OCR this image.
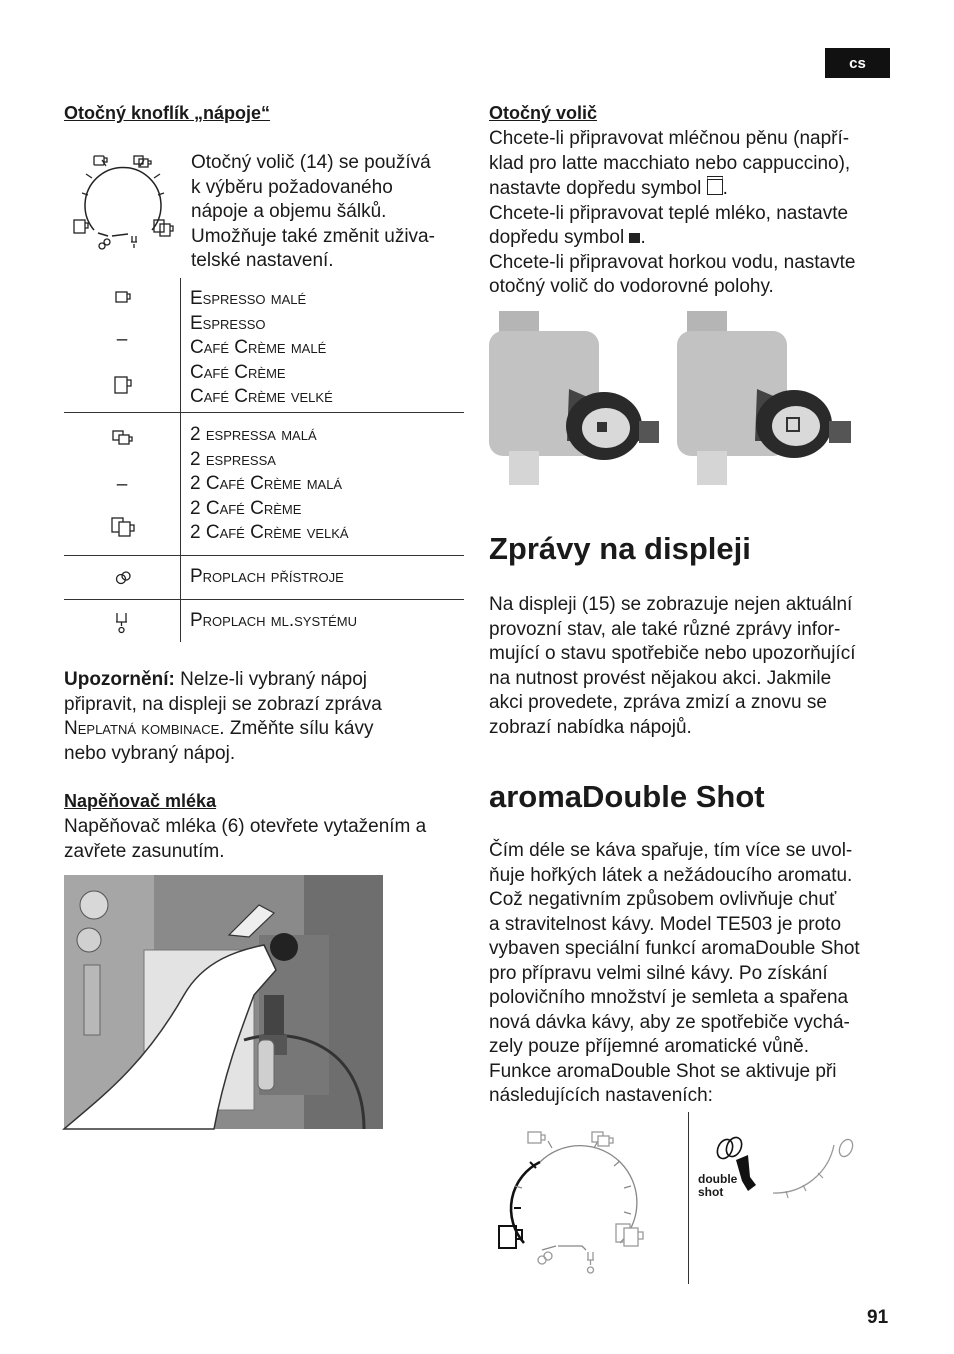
cs
Otočný knoflík „nápoje“
Otočný volič (14) se používá
k výběru požadovaného
nápoje a objemu šálků.
Umožňuje také změnit uživa-
telské nastavení.
–
Espresso malé
Espresso
Café Crème malé
Café Crème
Café Crème velké
–
2 espressa malá
2 espressa
2 Café Crème malá
2 Café Crème
2 Café Crème velká
Proplach přístroje
Proplach ml.systému
Upozornění: Nelze-li vybraný nápoj
připravit, na displeji se zobrazí zpráva
Neplatná kombinace. Změňte sílu kávy
nebo vybraný nápoj.
Napěňovač mléka
Napěňovač mléka (6) otevřete vytažením a
zavřete zasunutím.
Otočný volič
Chcete-li připravovat mléčnou pěnu (napří-
klad pro latte macchiato nebo cappuccino),
nastavte dopředu symbol .
Chcete-li připravovat teplé mléko, nastavte
dopředu symbol .
Chcete-li připravovat horkou vodu, nastavte
otočný volič do vodorovné polohy.
Zprávy na displeji
Na displeji (15) se zobrazuje nejen aktuální
provozní stav, ale také různé zprávy infor-
mující o stavu spotřebiče nebo upozorňující
na nutnost provést nějakou akci. Jakmile
akci provedete, zpráva zmizí a znovu se
zobrazí nabídka nápojů.
aromaDouble Shot
Čím déle se káva spařuje, tím více se uvol-
ňuje hořkých látek a nežádoucího aromatu.
Což negativním způsobem ovlivňuje chuť
a stravitelnost kávy. Model TE503 je proto
vybaven speciální funkcí aromaDouble Shot
pro přípravu velmi silné kávy. Po získání
polovičního množství je semleta a spařena
nová dávka kávy, aby ze spotřebiče vychá-
zely pouze příjemné aromatické vůně.
Funkce aromaDouble Shot se aktivuje při
následujících nastaveních:
double
shot
91
